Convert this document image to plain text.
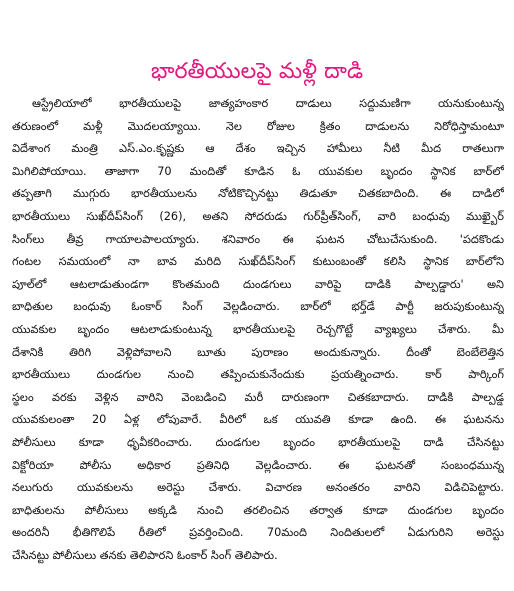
భారతీయులపై మళ్లీ దాడి
ఆస్ట్రేలియాలో భారతీయులపై జాత్యహంకార దాడులు సద్దుమణిగా యనుకుంటున్న
తరుణంలో మళ్లీ మొదలయ్యాయి. నెల రోజుల క్రితం దాడులను నిరోధిస్తామంటూ
విదేశాంగ మంత్రి ఎస్.ఎం.కృష్ణకు ఆ దేశం ఇచ్చిన హామీలు నీటి మీద రాతలుగా
మిగిలిపోయాయి. తాజాగా 70 మందితో కూడిన ఓ యువకుల బృందం స్థానిక బార్‌లో
తప్పతాగి ముగ్గురు భారతీయులను నోటికొచ్చినట్టు తిడుతూ చితకబాదింది. ఈ దాడిలో
భారతీయులు సుఖ్‌దీప్‌సింగ్ (26), అతని సోదరుడు గుర్‌ప్రీత్‌సింగ్, వారి బంధువు ముఖ్బైర్
సింగ్‌లు తీవ్ర గాయాలపాలయ్యారు. శనివారం ఈ ఘటన చోటుచేసుకుంది. 'పదకొండు
గంటల సమయంలో నా బావ మరిది సుఖ్‌దీప్‌సింగ్ కుటుంబంతో కలిసి స్థానిక బార్‌లోని
పూల్‌లో ఆటలాడుతుండగా కొంతమంది దుండగులు వారిపై దాడికి పాల్పడ్డారు' అని
బాధితుల బంధువు ఓంకార్ సింగ్ వెల్లడించారు. బార్‌లో భర్త్‌డే పార్టీ జరుపుకుంటున్న
యువకుల బృందం ఆటలాడుకుంటున్న భారతీయులపై రెచ్చగొట్టే వ్యాఖ్యలు చేశారు. మీ
దేశానికి తిరిగి వెళ్లిపోవాలని బూతు పురాణం అందుకున్నారు. దీంతో బెంబేలెత్తిన
భారతీయులు దుండగుల నుంచి తప్పించుకునేందుకు ప్రయత్నించారు. కార్ పార్కింగ్
స్థలం వరకు వెళ్లిన వారిని వెంబడించి మరీ దారుణంగా చితకబాదారు. దాడికి పాల్పడ్డ
యువకులంతా 20 ఏళ్ల లోపువారే. వీరిలో ఒక యువతి కూడా ఉంది. ఈ ఘటనను
పోలీసులు కూడా ధృవీకరించారు. దుండగుల బృందం భారతీయులపై దాడి చేసినట్టు
విక్టోరియా పోలీసు అధికార ప్రతినిధి వెల్లడించారు. ఈ ఘటనతో సంబంధమున్న
నలుగురు యువకులను అరెస్టు చేశారు. విచారణ అనంతరం వారిని విడిచిపెట్టారు.
బాధితులను పోలీసులు అక్కడి నుంచి తరలించిన తర్వాత కూడా దుండగుల బృందం
అందరినీ భీతిగొలిపే రీతిలో ప్రవర్తించింది. 70మంది నిందితులలో ఏడుగురిని అరెస్టు
చేసినట్టు పోలీసులు తనకు తెలిపారని ఓంకార్ సింగ్ తెలిపారు.
